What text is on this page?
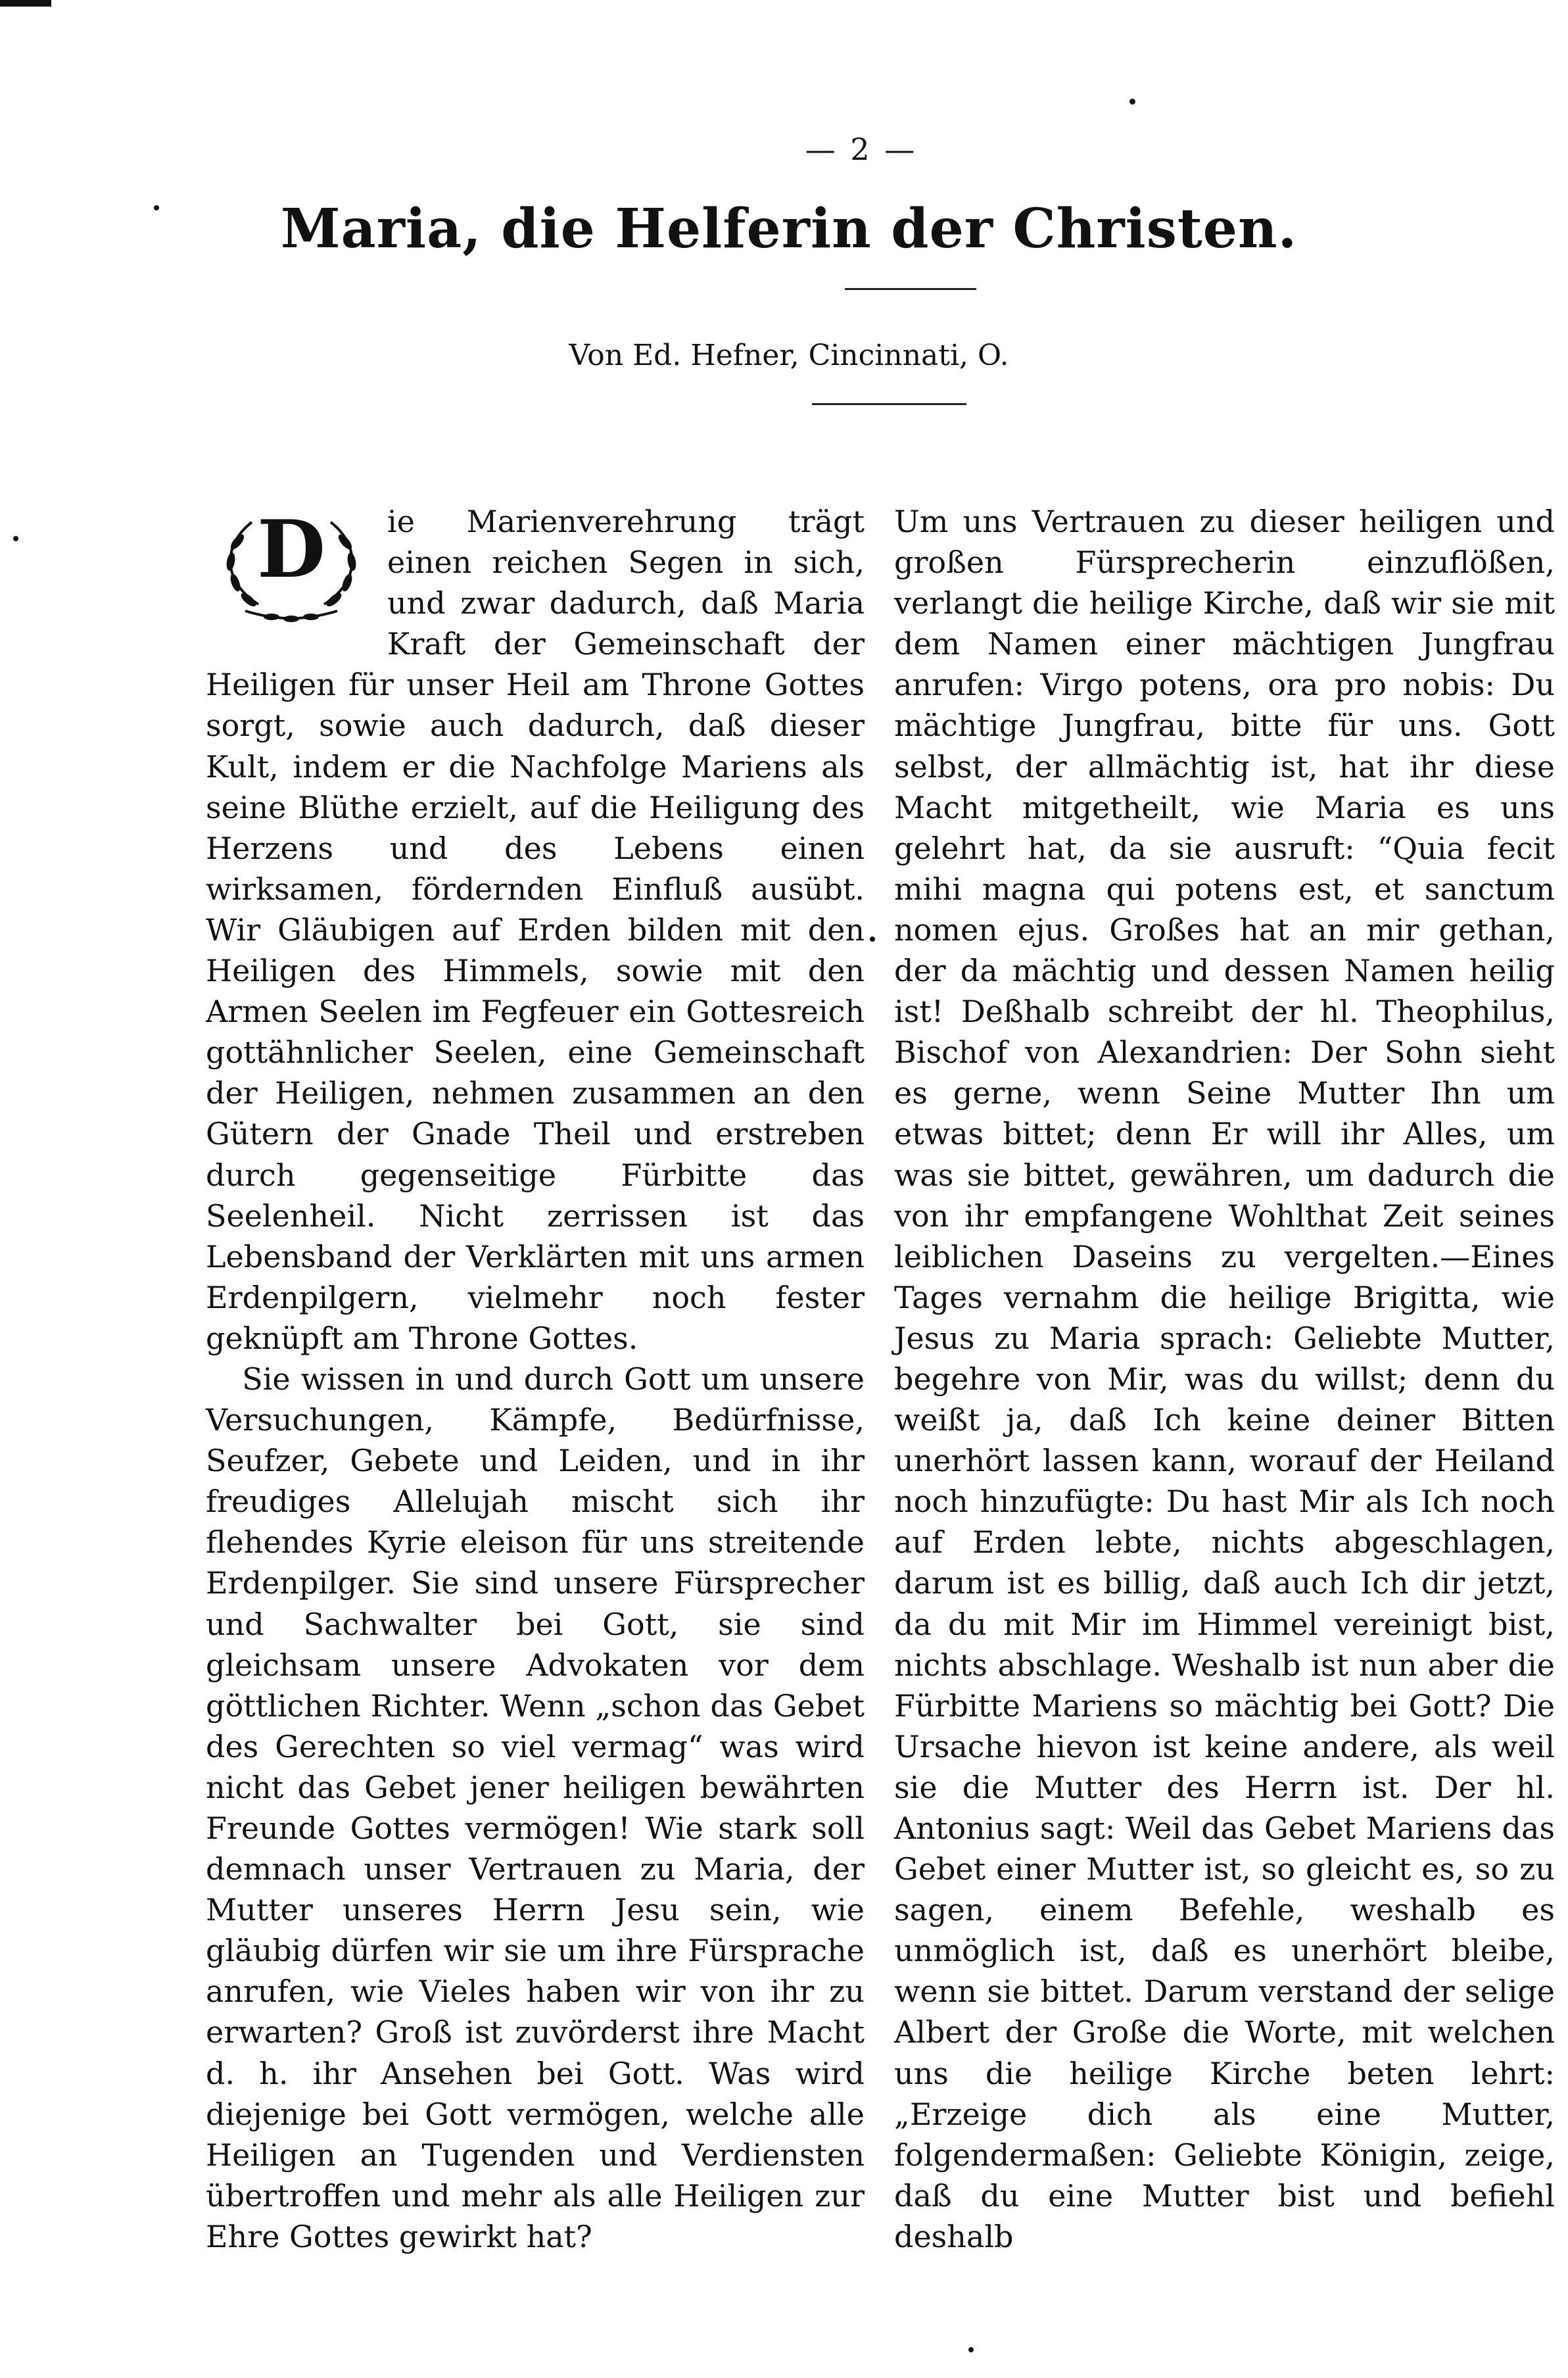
— 2 —
Maria, die Helferin der Christen.
Von Ed. Hefner, Cincinnati, O.

D	ie Marienverehrung trägt einen reichen Segen in sich, und zwar dadurch, daß Maria Kraft der Gemeinschaft der Heiligen für unser Heil am Throne Gottes sorgt, sowie auch dadurch, daß dieser Kult, indem er die Nachfolge Mariens als seine Blüthe erzielt, auf die Heiligung des Herzens und des Lebens einen wirksamen, fördernden Einfluß ausübt. Wir Gläubigen auf Erden bilden mit den Heiligen des Himmels, sowie mit den Armen Seelen im Fegfeuer ein Gottesreich gottähnlicher Seelen, eine Gemeinschaft der Heiligen, nehmen zusammen an den Gütern der Gnade Theil und erstreben durch gegenseitige Fürbitte das Seelenheil. Nicht zerrissen ist das Lebensband der Verklärten mit uns armen Erdenpilgern, vielmehr noch fester geknüpft am Throne Gottes.

Sie wissen in und durch Gott um unsere Versuchungen, Kämpfe, Bedürfnisse, Seufzer, Gebete und Leiden, und in ihr freudiges Allelujah mischt sich ihr flehendes Kyrie eleison für uns streitende Erdenpilger. Sie sind unsere Fürsprecher und Sachwalter bei Gott, sie sind gleichsam unsere Advokaten vor dem göttlichen Richter. Wenn „schon das Gebet des Gerechten so viel vermag“ was wird nicht das Gebet jener heiligen bewährten Freunde Gottes vermögen! Wie stark soll demnach unser Vertrauen zu Maria, der Mutter unseres Herrn Jesu sein, wie gläubig dürfen wir sie um ihre Fürsprache anrufen, wie Vieles haben wir von ihr zu erwarten? Groß ist zuvörderst ihre Macht d. h. ihr Ansehen bei Gott. Was wird diejenige bei Gott vermögen, welche alle Heiligen an Tugenden und Verdiensten übertroffen und mehr als alle Heiligen zur Ehre Gottes gewirkt hat?

Um uns Vertrauen zu dieser heiligen und großen Fürsprecherin einzuflößen, verlangt die heilige Kirche, daß wir sie mit dem Namen einer mächtigen Jungfrau anrufen: Virgo potens, ora pro nobis: Du mächtige Jungfrau, bitte für uns. Gott selbst, der allmächtig ist, hat ihr diese Macht mitgetheilt, wie Maria es uns gelehrt hat, da sie ausruft: “Quia fecit mihi magna qui potens est, et sanctum nomen ejus. Großes hat an mir gethan, der da mächtig und dessen Namen heilig ist! Deßhalb schreibt der hl. Theophilus, Bischof von Alexandrien: Der Sohn sieht es gerne, wenn Seine Mutter Ihn um etwas bittet; denn Er will ihr Alles, um was sie bittet, gewähren, um dadurch die von ihr empfangene Wohlthat Zeit seines leiblichen Daseins zu vergelten.—Eines Tages vernahm die heilige Brigitta, wie Jesus zu Maria sprach: Geliebte Mutter, begehre von Mir, was du willst; denn du weißt ja, daß Ich keine deiner Bitten unerhört lassen kann, worauf der Heiland noch hinzufügte: Du hast Mir als Ich noch auf Erden lebte, nichts abgeschlagen, darum ist es billig, daß auch Ich dir jetzt, da du mit Mir im Himmel vereinigt bist, nichts abschlage. Weshalb ist nun aber die Fürbitte Mariens so mächtig bei Gott? Die Ursache hievon ist keine andere, als weil sie die Mutter des Herrn ist. Der hl. Antonius sagt: Weil das Gebet Mariens das Gebet einer Mutter ist, so gleicht es, so zu sagen, einem Befehle, weshalb es unmöglich ist, daß es unerhört bleibe, wenn sie bittet. Darum verstand der selige Albert der Große die Worte, mit welchen uns die heilige Kirche beten lehrt: „Erzeige dich als eine Mutter, folgendermaßen: Geliebte Königin, zeige, daß du eine Mutter bist und befiehl deshalb
